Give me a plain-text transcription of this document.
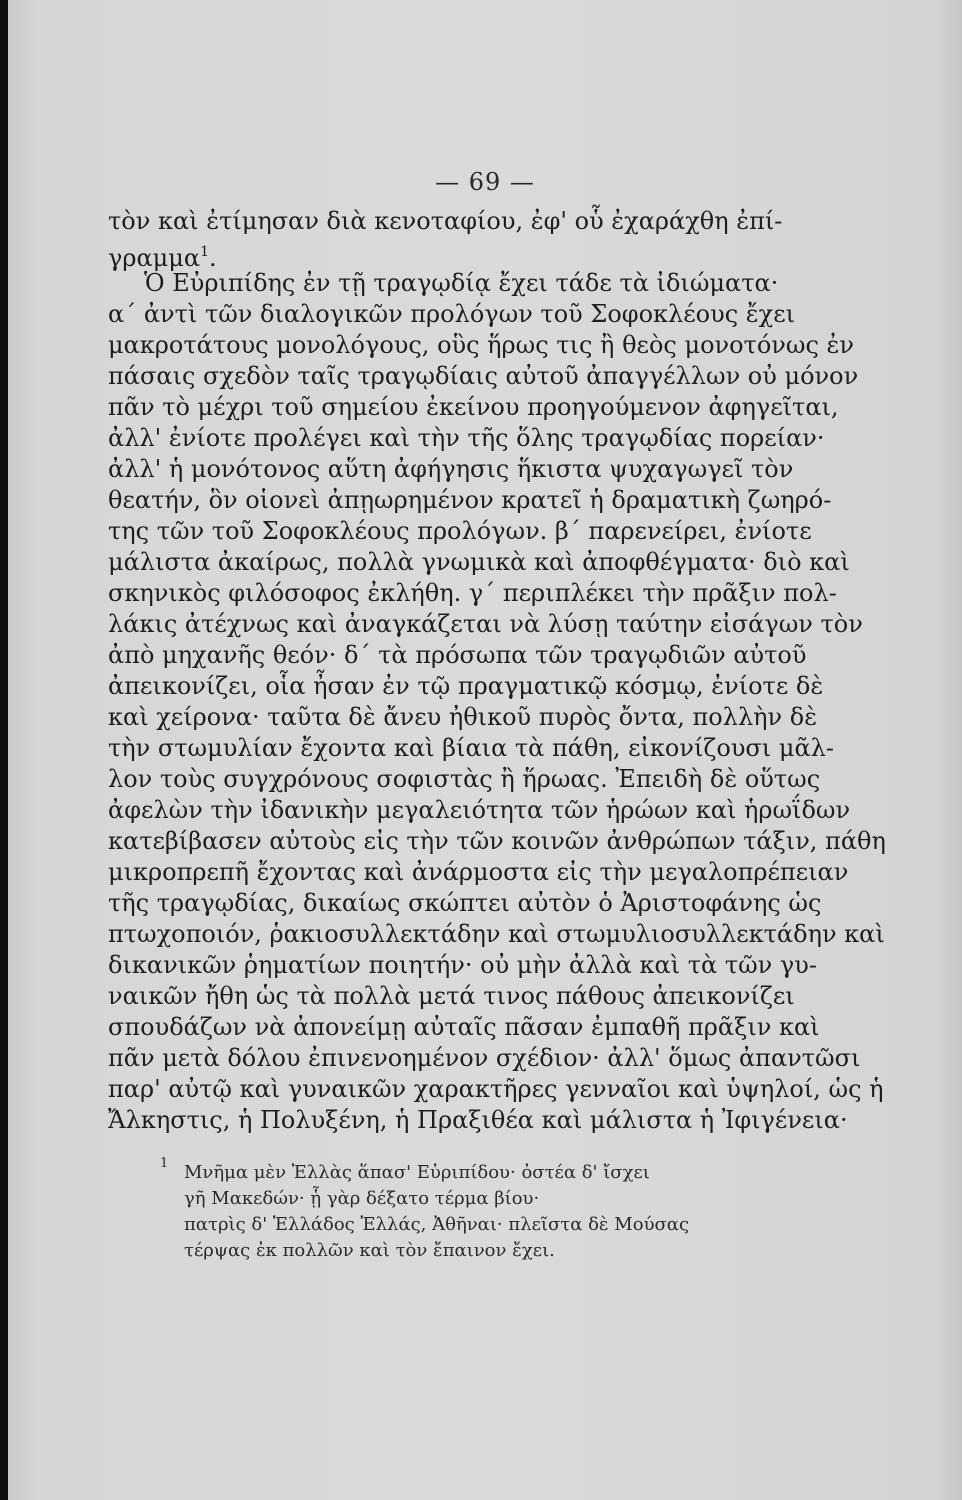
— 69 —
τὸν καὶ ἐτίμησαν διὰ κενοταφίου, ἐφ' οὗ ἐχαράχθη ἐπί-
γραμμα$^1$.
Ὁ Εὐριπίδης ἐν τῇ τραγῳδίᾳ ἔχει τάδε τὰ ἰδιώματα·
α΄ ἀντὶ τῶν διαλογικῶν προλόγων τοῦ Σοφοκλέους ἔχει
μακροτάτους μονολόγους, οὓς ἥρως τις ἢ θεὸς μονοτόνως ἐν
πάσαις σχεδὸν ταῖς τραγῳδίαις αὐτοῦ ἀπαγγέλλων οὐ μόνον
πᾶν τὸ μέχρι τοῦ σημείου ἐκείνου προηγούμενον ἀφηγεῖται,
ἀλλ' ἐνίοτε προλέγει καὶ τὴν τῆς ὅλης τραγῳδίας πορείαν·
ἀλλ' ἡ μονότονος αὕτη ἀφήγησις ἥκιστα ψυχαγωγεῖ τὸν
θεατήν, ὃν οἱονεὶ ἀπῃωρημένον κρατεῖ ἡ δραματικὴ ζωηρό-
της τῶν τοῦ Σοφοκλέους προλόγων. β΄ παρενείρει, ἐνίοτε
μάλιστα ἀκαίρως, πολλὰ γνωμικὰ καὶ ἀποφθέγματα· διὸ καὶ
σκηνικὸς φιλόσοφος ἐκλήθη. γ΄ περιπλέκει τὴν πρᾶξιν πολ-
λάκις ἀτέχνως καὶ ἀναγκάζεται νὰ λύσῃ ταύτην εἰσάγων τὸν
ἀπὸ μηχανῆς θεόν· δ΄ τὰ πρόσωπα τῶν τραγῳδιῶν αὐτοῦ
ἀπεικονίζει, οἷα ἦσαν ἐν τῷ πραγματικῷ κόσμῳ, ἐνίοτε δὲ
καὶ χείρονα· ταῦτα δὲ ἄνευ ἠθικοῦ πυρὸς ὄντα, πολλὴν δὲ
τὴν στωμυλίαν ἔχοντα καὶ βίαια τὰ πάθη, εἰκονίζουσι μᾶλ-
λον τοὺς συγχρόνους σοφιστὰς ἢ ἥρωας. Ἐπειδὴ δὲ οὕτως
ἀφελὼν τὴν ἰδανικὴν μεγαλειότητα τῶν ἡρώων καὶ ἡρωΐδων
κατεβίβασεν αὐτοὺς εἰς τὴν τῶν κοινῶν ἀνθρώπων τάξιν, πάθη
μικροπρεπῆ ἔχοντας καὶ ἀνάρμοστα εἰς τὴν μεγαλοπρέπειαν
τῆς τραγῳδίας, δικαίως σκώπτει αὐτὸν ὁ Ἀριστοφάνης ὡς
πτωχοποιόν, ῥακιοσυλλεκτάδην καὶ στωμυλιοσυλλεκτάδην καὶ
δικανικῶν ῥηματίων ποιητήν· οὐ μὴν ἀλλὰ καὶ τὰ τῶν γυ-
ναικῶν ἤθη ὡς τὰ πολλὰ μετά τινος πάθους ἀπεικονίζει
σπουδάζων νὰ ἀπονείμῃ αὐταῖς πᾶσαν ἐμπαθῆ πρᾶξιν καὶ
πᾶν μετὰ δόλου ἐπινενοημένον σχέδιον· ἀλλ' ὅμως ἀπαντῶσι
παρ' αὐτῷ καὶ γυναικῶν χαρακτῆρες γενναῖοι καὶ ὑψηλοί, ὡς ἡ
Ἄλκηστις, ἡ Πολυξένη, ἡ Πραξιθέα καὶ μάλιστα ἡ Ἰφιγένεια·
1 Μνῆμα μὲν Ἑλλὰς ἅπασ' Εὐριπίδου· ὀστέα δ' ἴσχει
γῆ Μακεδών· ᾗ γὰρ δέξατο τέρμα βίου·
πατρὶς δ' Ἑλλάδος Ἑλλάς, Ἀθῆναι· πλεῖστα δὲ Μούσας
τέρψας ἐκ πολλῶν καὶ τὸν ἔπαινον ἔχει.
